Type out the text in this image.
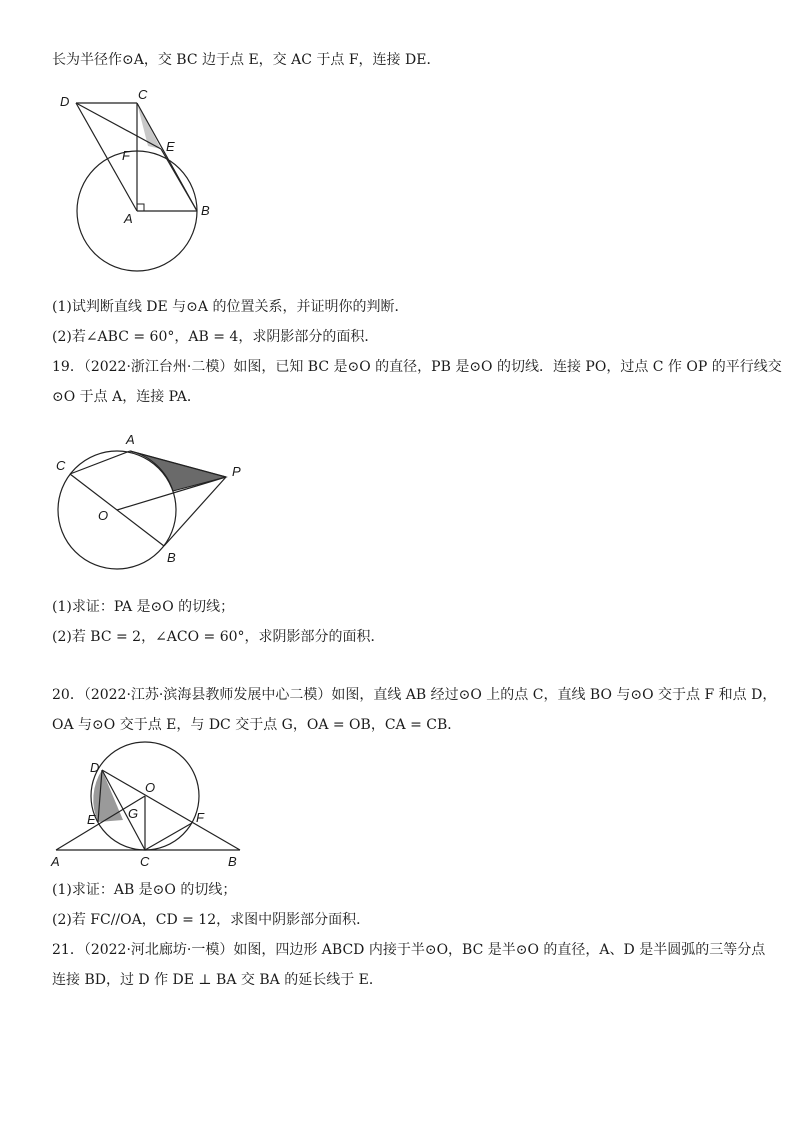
长为半径作⊙A，交 BC 边于点 E，交 AC 于点 F，连接 DE．
D	C
F
E
A
B
(1)试判断直线 DE 与⊙A 的位置关系，并证明你的判断．
(2)若∠ABC = 60°，AB = 4，求阴影部分的面积．
19．（2022·浙江台州·二模）如图，已知 BC 是⊙O 的直径，PB 是⊙O 的切线．连接 PO，过点 C 作 OP 的平行线交
⊙O 于点 A，连接 PA．
A
C	P
O
B
(1)求证：PA 是⊙O 的切线；
(2)若 BC = 2，∠ACO = 60°，求阴影部分的面积．
20．（2022·江苏·滨海县教师发展中心二模）如图，直线 AB 经过⊙O 上的点 C，直线 BO 与⊙O 交于点 F 和点 D，
OA 与⊙O 交于点 E，与 DC 交于点 G，OA = OB，CA = CB．
D
O
G
E	F
A	C	B
(1)求证：AB 是⊙O 的切线；
(2)若 FC//OA，CD = 12，求图中阴影部分面积．
21．（2022·河北廊坊·一模）如图，四边形 ABCD 内接于半⊙O，BC 是半⊙O 的直径，A、D 是半圆弧的三等分点
连接 BD，过 D 作 DE ⊥ BA 交 BA 的延长线于 E．
